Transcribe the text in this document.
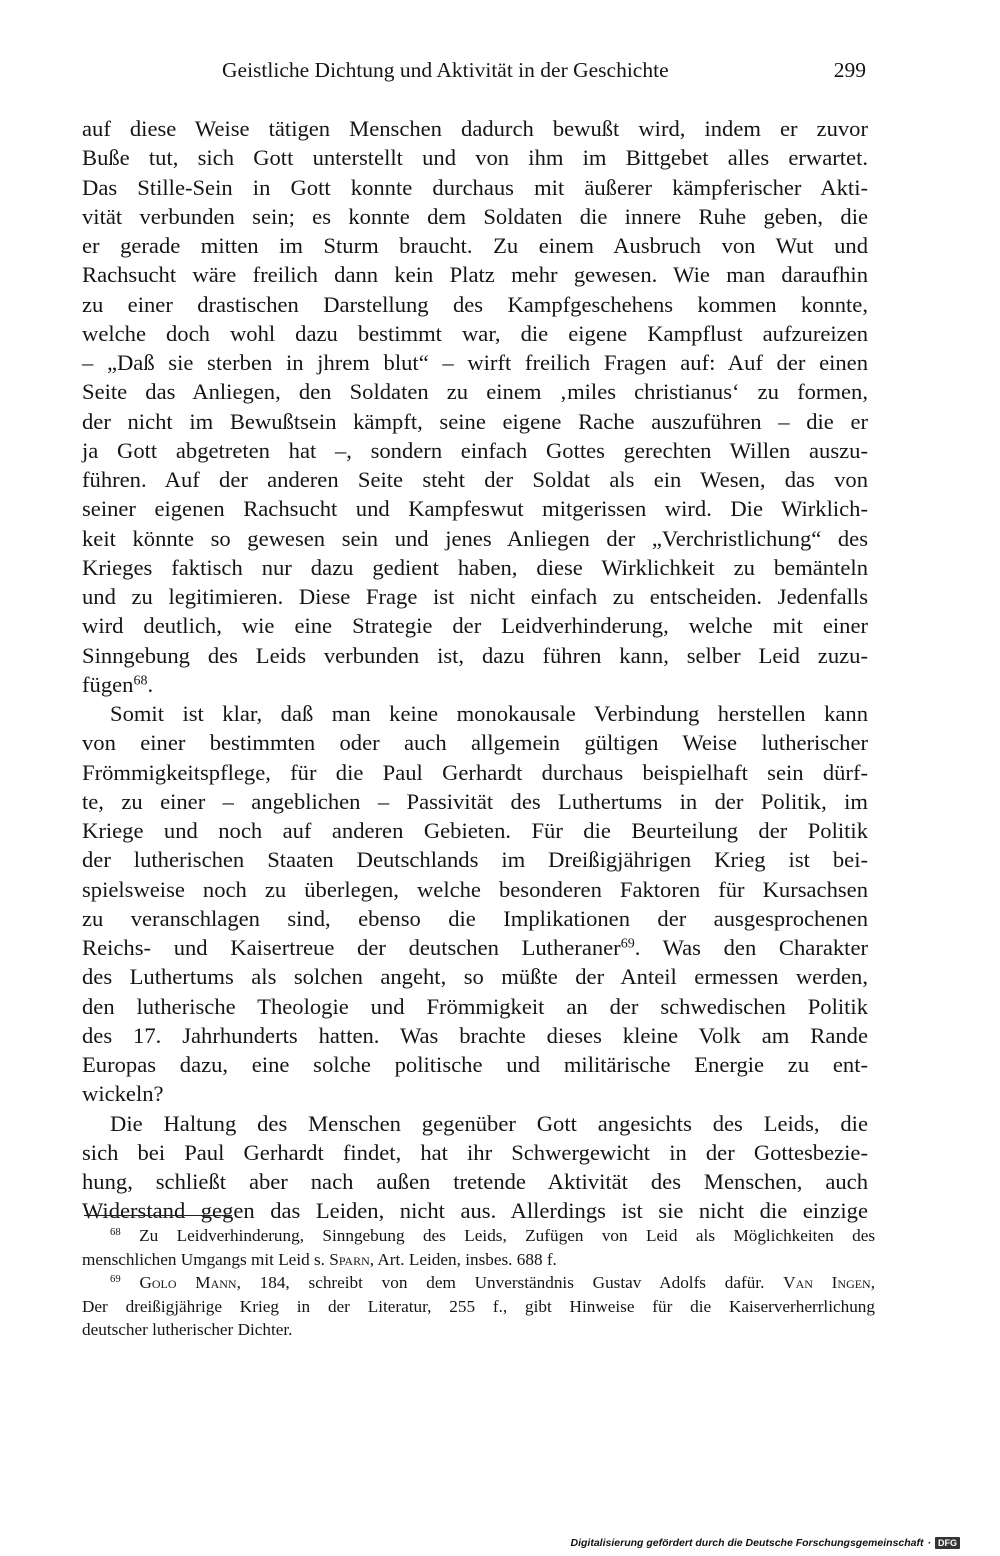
Geistliche Dichtung und Aktivität in der Geschichte	299
auf diese Weise tätigen Menschen dadurch bewußt wird, indem er zuvor
Buße tut, sich Gott unterstellt und von ihm im Bittgebet alles erwartet.
Das Stille-Sein in Gott konnte durchaus mit äußerer kämpferischer Akti-
vität verbunden sein; es konnte dem Soldaten die innere Ruhe geben, die
er gerade mitten im Sturm braucht. Zu einem Ausbruch von Wut und
Rachsucht wäre freilich dann kein Platz mehr gewesen. Wie man daraufhin
zu einer drastischen Darstellung des Kampfgeschehens kommen konnte,
welche doch wohl dazu bestimmt war, die eigene Kampflust aufzureizen
– „Daß sie sterben in jhrem blut“ – wirft freilich Fragen auf: Auf der einen
Seite das Anliegen, den Soldaten zu einem ‚miles christianus‘ zu formen,
der nicht im Bewußtsein kämpft, seine eigene Rache auszuführen – die er
ja Gott abgetreten hat –, sondern einfach Gottes gerechten Willen auszu-
führen. Auf der anderen Seite steht der Soldat als ein Wesen, das von
seiner eigenen Rachsucht und Kampfeswut mitgerissen wird. Die Wirklich-
keit könnte so gewesen sein und jenes Anliegen der „Verchristlichung“ des
Krieges faktisch nur dazu gedient haben, diese Wirklichkeit zu bemänteln
und zu legitimieren. Diese Frage ist nicht einfach zu entscheiden. Jedenfalls
wird deutlich, wie eine Strategie der Leidverhinderung, welche mit einer
Sinngebung des Leids verbunden ist, dazu führen kann, selber Leid zuzu-
fügen$^{68}$.
Somit ist klar, daß man keine monokausale Verbindung herstellen kann
von einer bestimmten oder auch allgemein gültigen Weise lutherischer
Frömmigkeitspflege, für die Paul Gerhardt durchaus beispielhaft sein dürf-
te, zu einer – angeblichen – Passivität des Luthertums in der Politik, im
Kriege und noch auf anderen Gebieten. Für die Beurteilung der Politik
der lutherischen Staaten Deutschlands im Dreißigjährigen Krieg ist bei-
spielsweise noch zu überlegen, welche besonderen Faktoren für Kursachsen
zu veranschlagen sind, ebenso die Implikationen der ausgesprochenen
Reichs- und Kaisertreue der deutschen Lutheraner$^{69}$. Was den Charakter
des Luthertums als solchen angeht, so müßte der Anteil ermessen werden,
den lutherische Theologie und Frömmigkeit an der schwedischen Politik
des 17. Jahrhunderts hatten. Was brachte dieses kleine Volk am Rande
Europas dazu, eine solche politische und militärische Energie zu ent-
wickeln?
Die Haltung des Menschen gegenüber Gott angesichts des Leids, die
sich bei Paul Gerhardt findet, hat ihr Schwergewicht in der Gottesbezie-
hung, schließt aber nach außen tretende Aktivität des Menschen, auch
Widerstand gegen das Leiden, nicht aus. Allerdings ist sie nicht die einzige
$^{68}$ Zu Leidverhinderung, Sinngebung des Leids, Zufügen von Leid als Möglichkeiten des
menschlichen Umgangs mit Leid s. Sparn, Art. Leiden, insbes. 688 f.
$^{69}$ Golo Mann, 184, schreibt von dem Unverständnis Gustav Adolfs dafür. Van Ingen,
Der dreißigjährige Krieg in der Literatur, 255 f., gibt Hinweise für die Kaiserverherrlichung
deutscher lutherischer Dichter.
Digitalisierung gefördert durch die Deutsche Forschungsgemeinschaft · DFG
